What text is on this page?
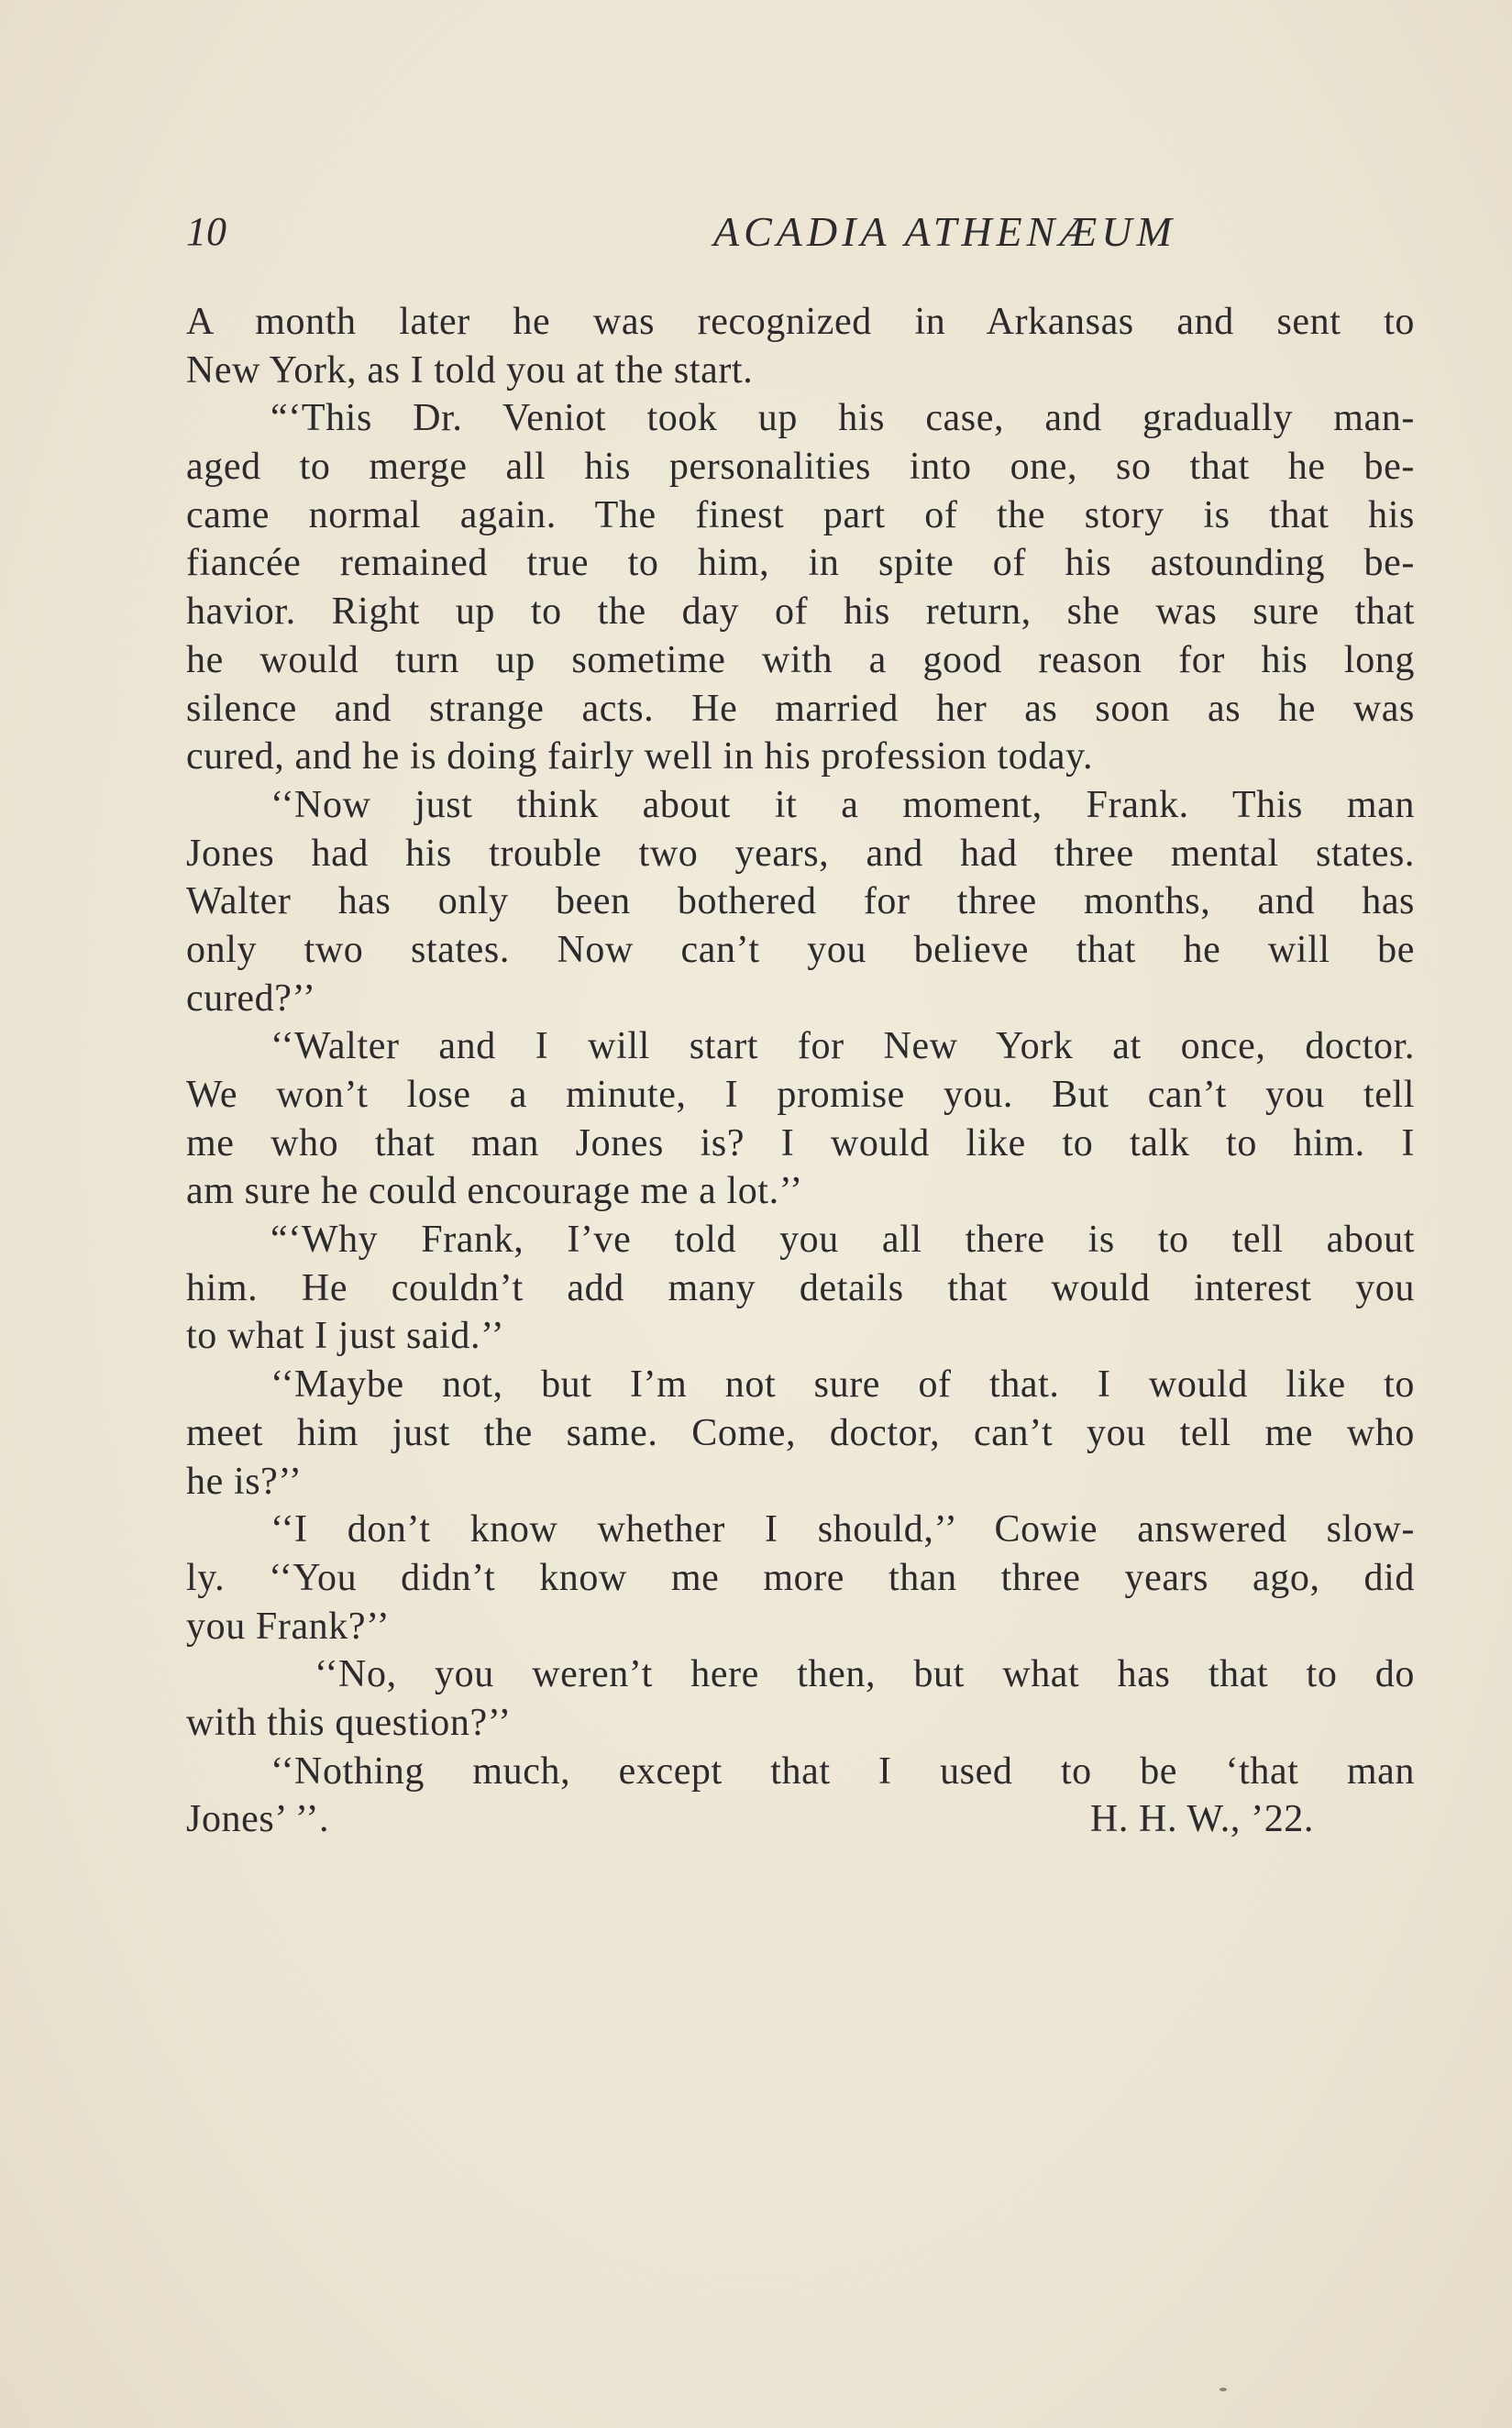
10	ACADIA ATHENÆUM
A month later he was recognized in Arkansas and sent to
New York, as I told you at the start.
“‘This Dr. Veniot took up his case, and gradually man-
aged to merge all his personalities into one, so that he be-
came normal again. The finest part of the story is that his
fiancée remained true to him, in spite of his astounding be-
havior. Right up to the day of his return, she was sure that
he would turn up sometime with a good reason for his long
silence and strange acts. He married her as soon as he was
cured, and he is doing fairly well in his profession today.
‘‘Now just think about it a moment, Frank. This man
Jones had his trouble two years, and had three mental states.
Walter has only been bothered for three months, and has
only two states. Now can’t you believe that he will be
cured?’’
‘‘Walter and I will start for New York at once, doctor.
We won’t lose a minute, I promise you. But can’t you tell
me who that man Jones is? I would like to talk to him. I
am sure he could encourage me a lot.’’
“‘Why Frank, I’ve told you all there is to tell about
him. He couldn’t add many details that would interest you
to what I just said.’’
‘‘Maybe not, but I’m not sure of that. I would like to
meet him just the same. Come, doctor, can’t you tell me who
he is?’’
‘‘I don’t know whether I should,’’ Cowie answered slow-
ly. ‘‘You didn’t know me more than three years ago, did
you Frank?’’
‘‘No, you weren’t here then, but what has that to do
with this question?’’
‘‘Nothing much, except that I used to be ‘that man
Jones’ ’’.	H. H. W., ’22.
